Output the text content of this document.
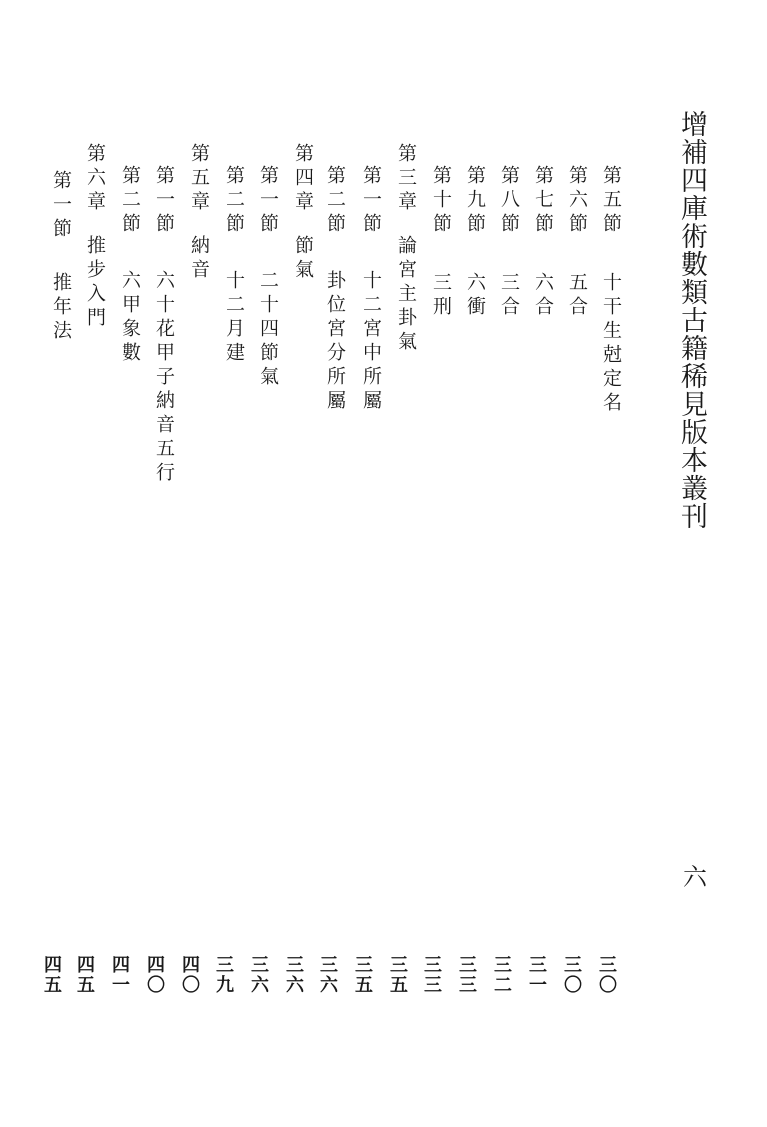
增補四庫術數類古籍稀見版本叢刊
第五節
十干生尅定名
第六節
五合
第七節
六合
第八節
三合
第九節
六衝
第十節
三刑
第三章
論宮主卦氣
第一節
十二宮中所屬
第二節
卦位宮分所屬
第四章
節氣
第一節
二十四節氣
第二節
十二月建
第五章
納音
第一節
六十花甲子納音五行
第二節
六甲象數
第六章
推步入門
第一節
推年法
三〇
三〇
三一
三二
三三
三三
三五
三五
三六
三六
三六
三九
四〇
四〇
四一
四五
四五
六
